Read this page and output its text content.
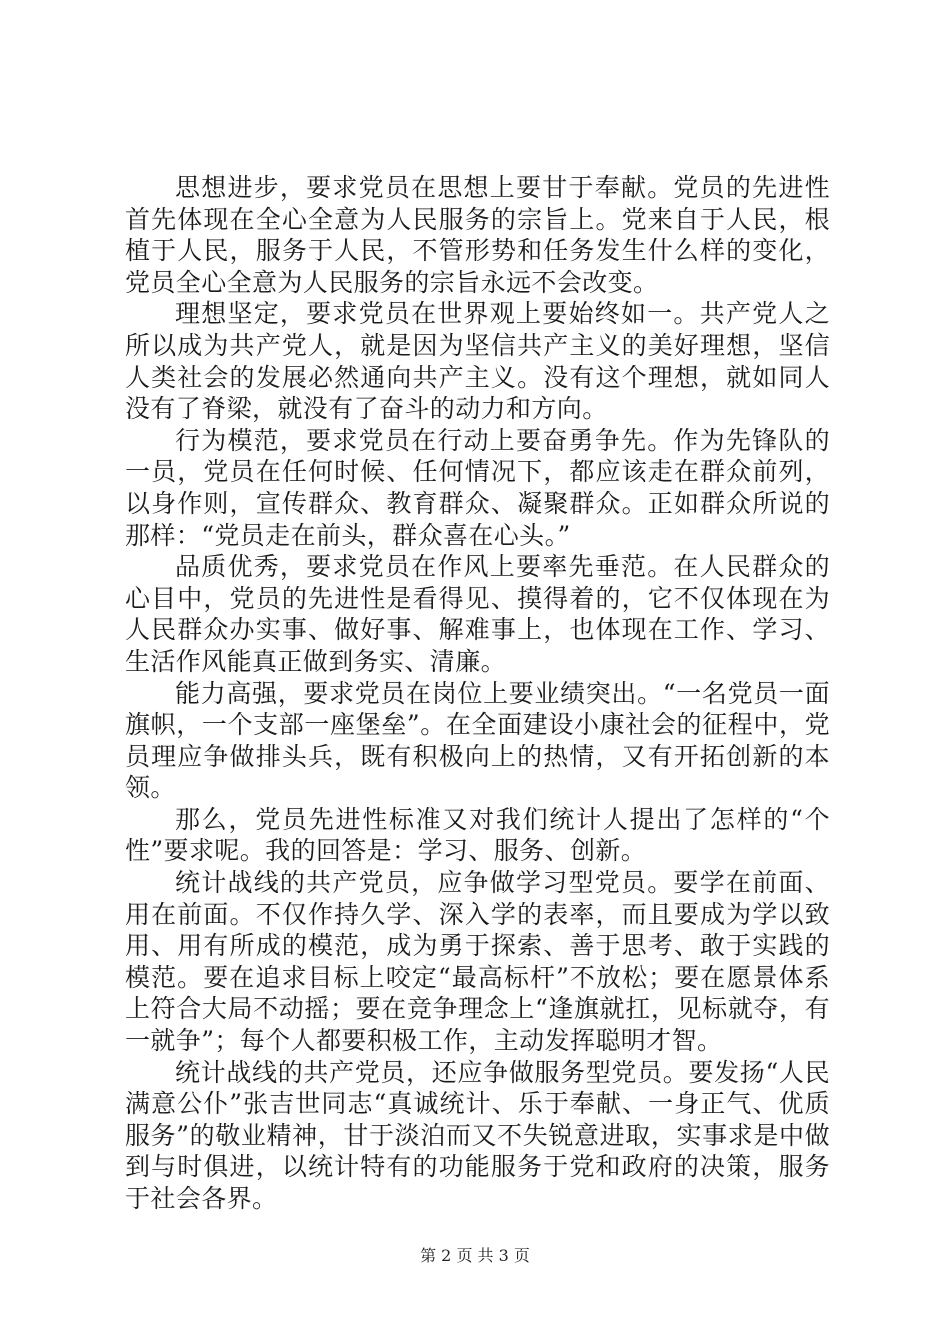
思想进步，要求党员在思想上要甘于奉献。党员的先进性首先体现在全心全意为人民服务的宗旨上。党来自于人民，根植于人民，服务于人民，不管形势和任务发生什么样的变化，党员全心全意为人民服务的宗旨永远不会改变。

理想坚定，要求党员在世界观上要始终如一。共产党人之所以成为共产党人，就是因为坚信共产主义的美好理想，坚信人类社会的发展必然通向共产主义。没有这个理想，就如同人没有了脊梁，就没有了奋斗的动力和方向。

行为模范，要求党员在行动上要奋勇争先。作为先锋队的一员，党员在任何时候、任何情况下，都应该走在群众前列，以身作则，宣传群众、教育群众、凝聚群众。正如群众所说的那样：“党员走在前头，群众喜在心头。”

品质优秀，要求党员在作风上要率先垂范。在人民群众的心目中，党员的先进性是看得见、摸得着的，它不仅体现在为人民群众办实事、做好事、解难事上，也体现在工作、学习、生活作风能真正做到务实、清廉。

能力高强，要求党员在岗位上要业绩突出。“一名党员一面旗帜，一个支部一座堡垒”。在全面建设小康社会的征程中，党员理应争做排头兵，既有积极向上的热情，又有开拓创新的本领。

那么，党员先进性标准又对我们统计人提出了怎样的“个性”要求呢。我的回答是：学习、服务、创新。

统计战线的共产党员，应争做学习型党员。要学在前面、用在前面。不仅作持久学、深入学的表率，而且要成为学以致用、用有所成的模范，成为勇于探索、善于思考、敢于实践的模范。要在追求目标上咬定“最高标杆”不放松；要在愿景体系上符合大局不动摇；要在竞争理念上“逢旗就扛，见标就夺，有一就争”；每个人都要积极工作，主动发挥聪明才智。

统计战线的共产党员，还应争做服务型党员。要发扬“人民满意公仆”张吉世同志“真诚统计、乐于奉献、一身正气、优质服务”的敬业精神，甘于淡泊而又不失锐意进取，实事求是中做到与时俱进，以统计特有的功能服务于党和政府的决策，服务于社会各界。

第 2 页 共 3 页
